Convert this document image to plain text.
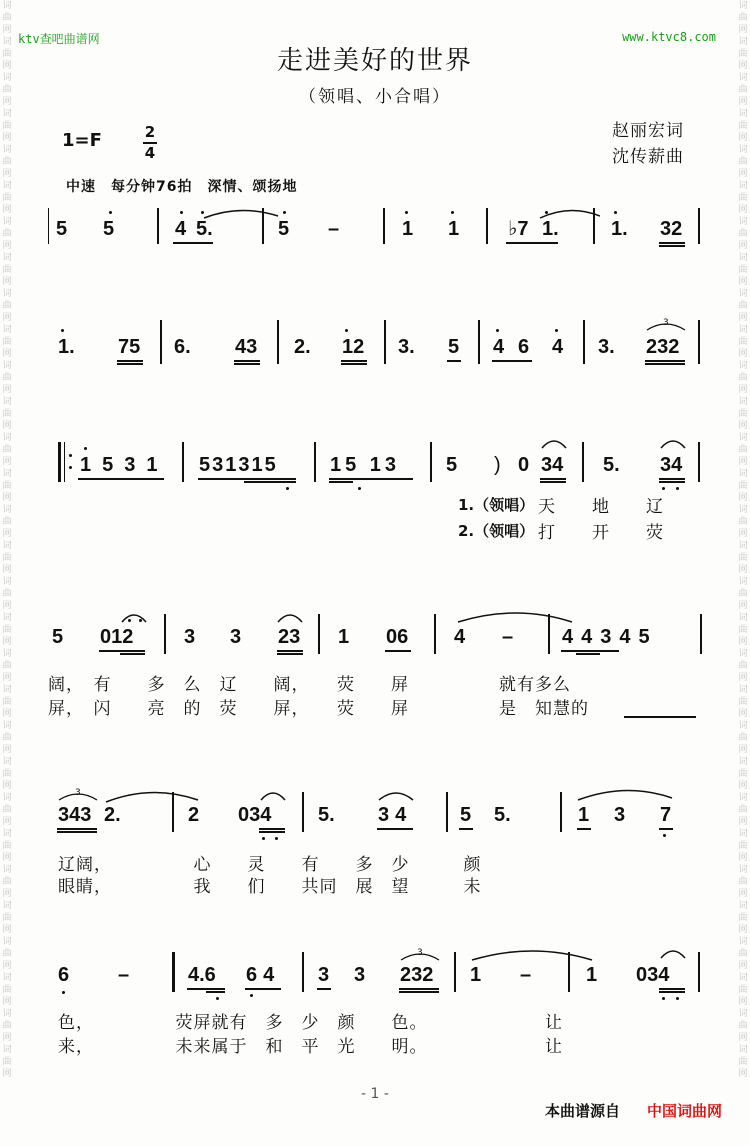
词
曲
网
词
曲
网
词
曲
网
词
曲
网
词
曲
网
词
曲
网
词
曲
网
词
曲
网
词
曲
网
词
曲
网
词
曲
网
词
曲
网
词
曲
网
词
曲
网
词
曲
网
词
曲
网
词
曲
网
词
曲
网
词
曲
网
词
曲
网
词
曲
网
词
曲
网
词
曲
网
词
曲
网
词
曲
网
词
曲
网
词
曲
网
词
曲
网
词
曲
网
词
曲
网
词
曲
网
词
曲
网
词
曲
网
词
曲
网
词
曲
网
词
曲
网
词
曲
网
词
曲
网
词
曲
网
词
曲
网
词
曲
网
词
曲
网
词
曲
网
词
曲
网
词
曲
网
词
曲
网
词
曲
网
词
曲
网
词
曲
网
词
曲
网
词
曲
网
词
曲
网
词
曲
网
词
曲
网
词
曲
网
词
曲
网
词
曲
网
词
曲
网
词
曲
网
词
曲
网
ktv查吧曲谱网	www.ktvc8.com
走进美好的世界
（领唱、小合唱）
1=F	2
4
赵丽宏词
沈传薪曲
中速　每分钟76拍　深情、颂扬地
5 5	4 5.	5 –	1 1 ♭7 1.	1. 32
1. 75 6. 43 2. 12 3. 5 4 6 4 3. 232
3
1531 531315	15 13 5 ) 0 34 5. 34
1.（领唱） 天　　地　　辽
2.（领唱） 打　　开　　荧
5 012	3 3 23 1 06 4 – 44345
阔，　有　　多　么　辽　　阔，　　荧　　屏　　　　　就有多么
屏，　闪　　亮　的　荧　　屏，　　荧　　屏　　　　　是　知慧的
343
3
2.	2 034 5. 34 5 5.	1 3 7
辽阔，　　　　　心　　灵　　有　　多　少　　　颜
眼睛，　　　　　我　　们　　共同　展　望　　　未
6 –	4.6 64 3 3 232
3
1 –	1 034
色，　　　　　荧屏就有　多　少　颜　　色。　　　　　　　让
来，　　　　　未来属于　和　平　光　　明。　　　　　　　让
- 1 -
本曲谱源自 中国词曲网
